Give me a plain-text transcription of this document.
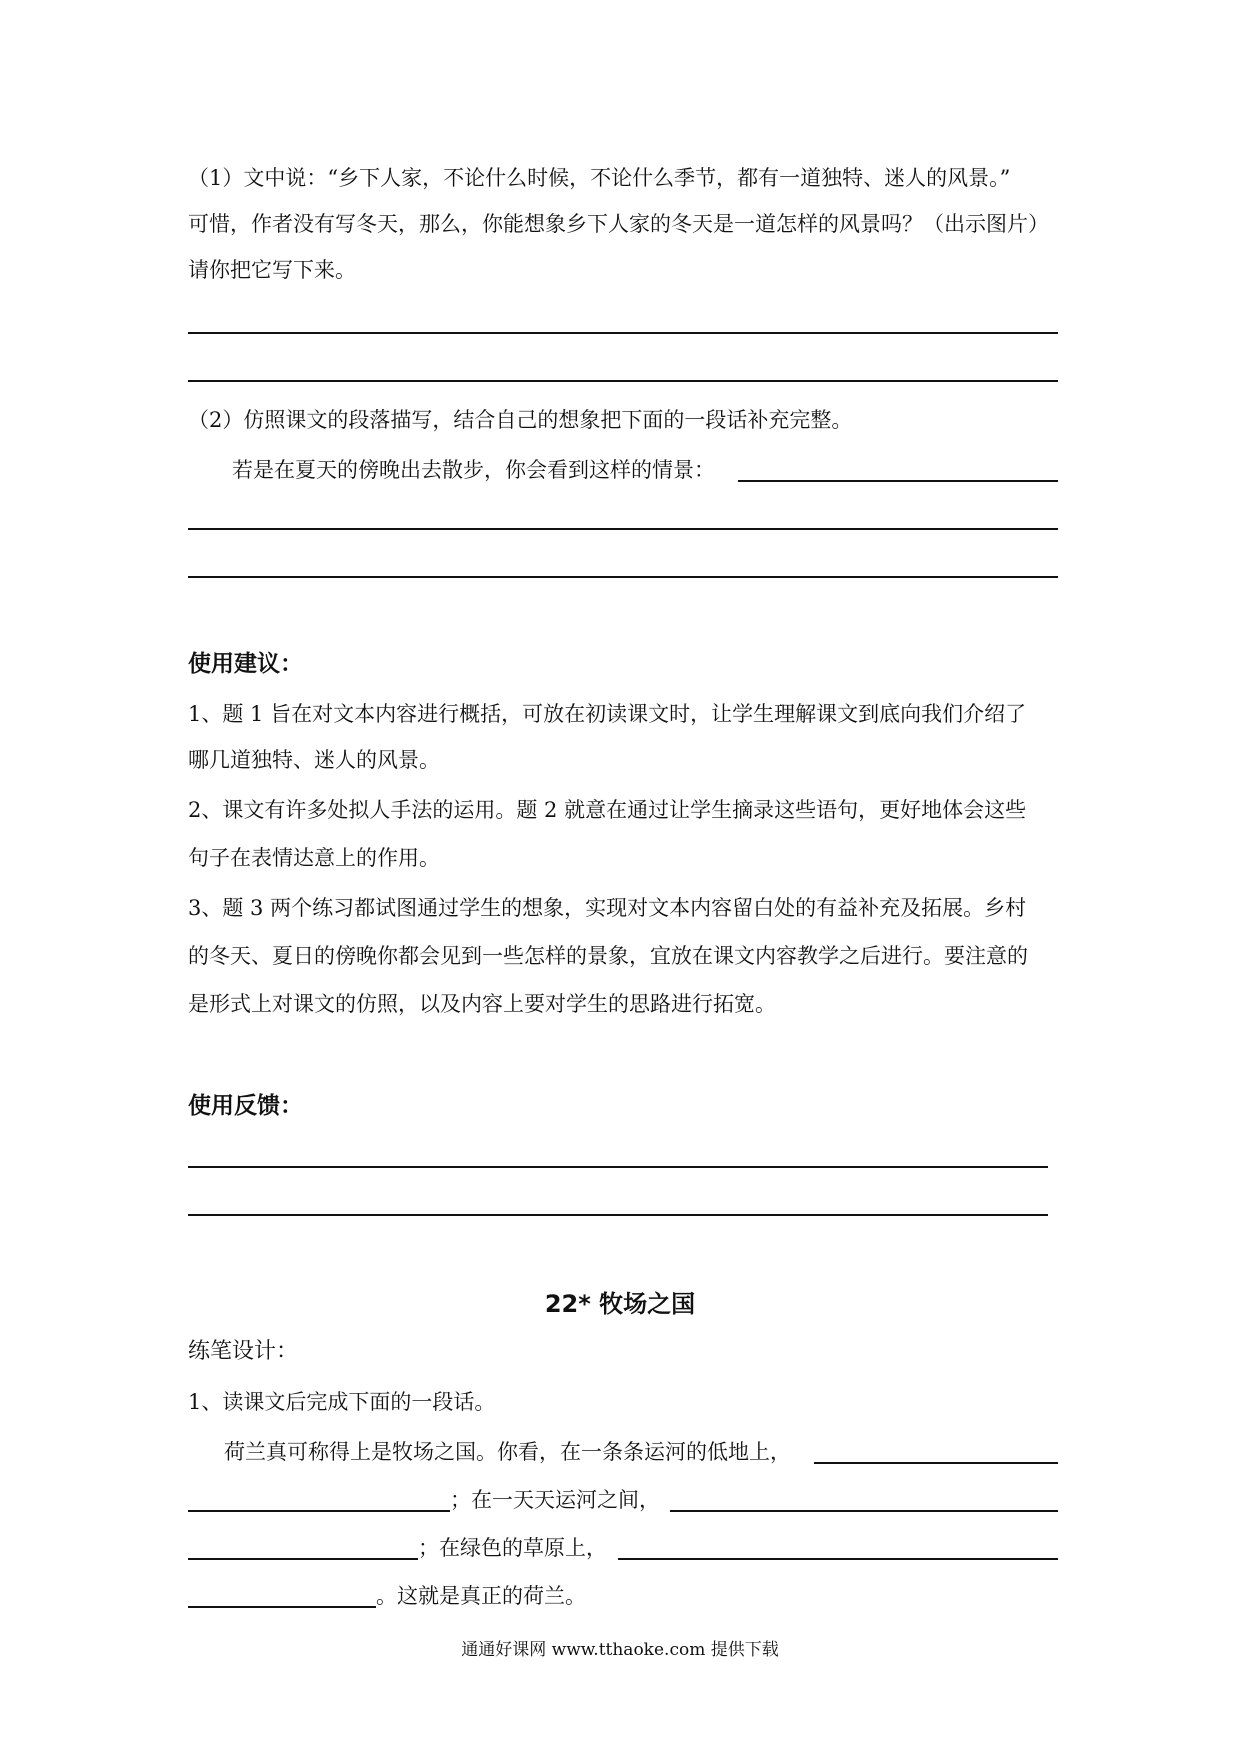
（1）文中说：“乡下人家，不论什么时候，不论什么季节，都有一道独特、迷人的风景。”
可惜，作者没有写冬天，那么，你能想象乡下人家的冬天是一道怎样的风景吗？（出示图片）
请你把它写下来。
（2）仿照课文的段落描写，结合自己的想象把下面的一段话补充完整。
若是在夏天的傍晚出去散步，你会看到这样的情景：
使用建议：
1、题 1 旨在对文本内容进行概括，可放在初读课文时，让学生理解课文到底向我们介绍了
哪几道独特、迷人的风景。
2、课文有许多处拟人手法的运用。题 2 就意在通过让学生摘录这些语句，更好地体会这些
句子在表情达意上的作用。
3、题 3 两个练习都试图通过学生的想象，实现对文本内容留白处的有益补充及拓展。乡村
的冬天、夏日的傍晚你都会见到一些怎样的景象，宜放在课文内容教学之后进行。要注意的
是形式上对课文的仿照，以及内容上要对学生的思路进行拓宽。
使用反馈：
22* 牧场之国
练笔设计：
1、读课文后完成下面的一段话。
荷兰真可称得上是牧场之国。你看，在一条条运河的低地上，
；在一天天运河之间，
；在绿色的草原上，
。这就是真正的荷兰。
通通好课网 www.tthaoke.com 提供下载
